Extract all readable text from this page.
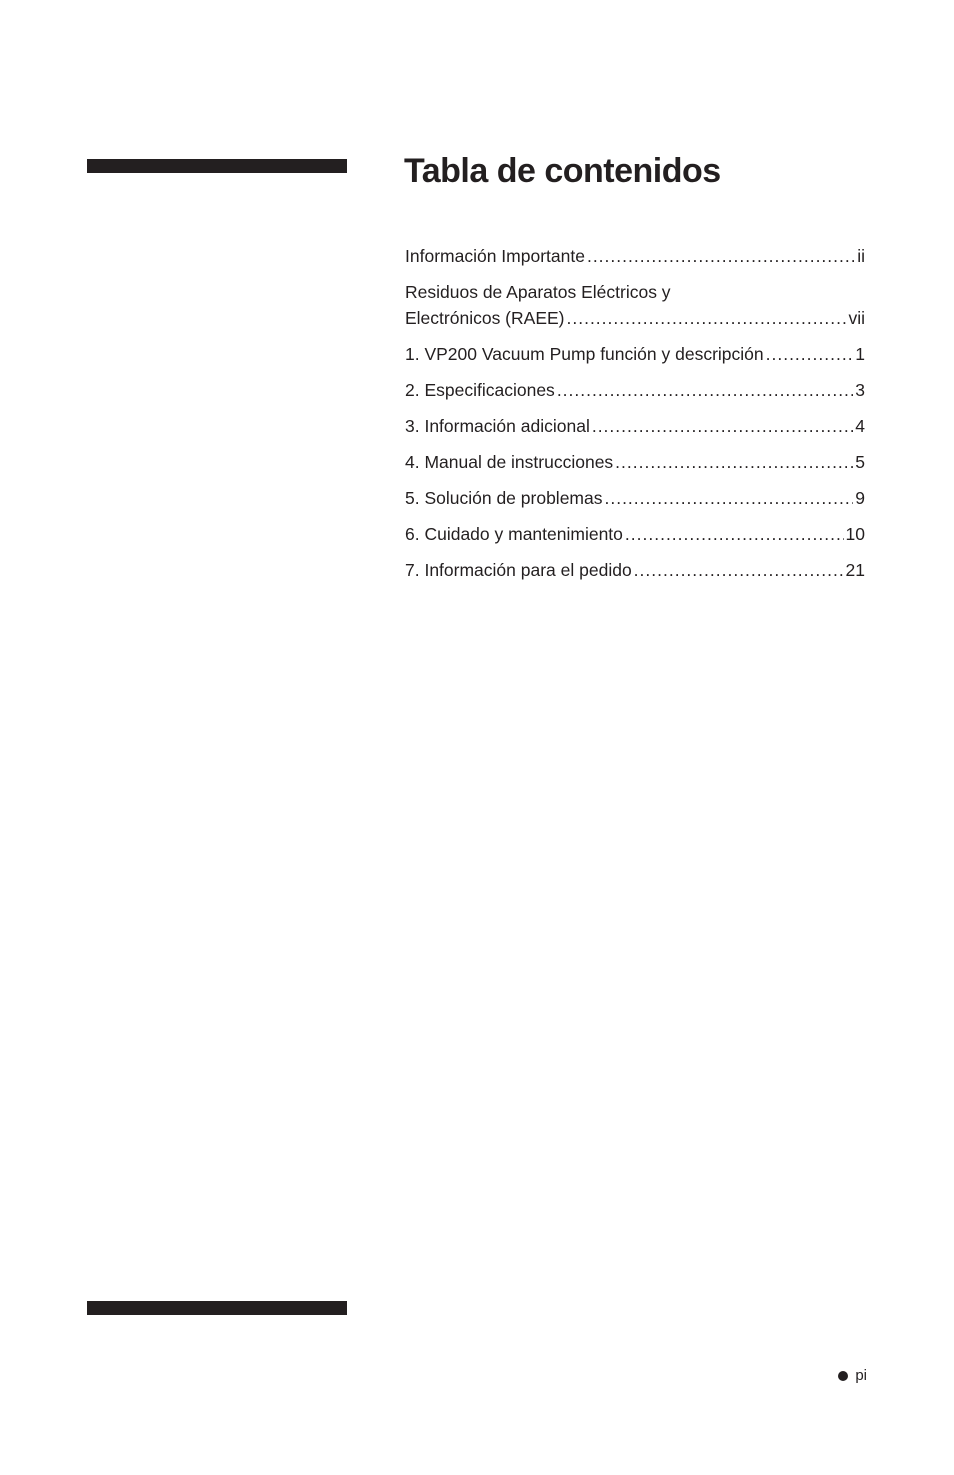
Tabla de contenidos
Información Importante .....	ii
Residuos de Aparatos Eléctricos y
Electrónicos (RAEE) .....	vii
1. VP200 Vacuum Pump función y descripción .....	1
2. Especificaciones .....	3
3. Información adicional .....	4
4. Manual de instrucciones .....	5
5. Solución de problemas .....	9
6. Cuidado y mantenimiento .....	10
7. Información para el pedido .....	21
pi
